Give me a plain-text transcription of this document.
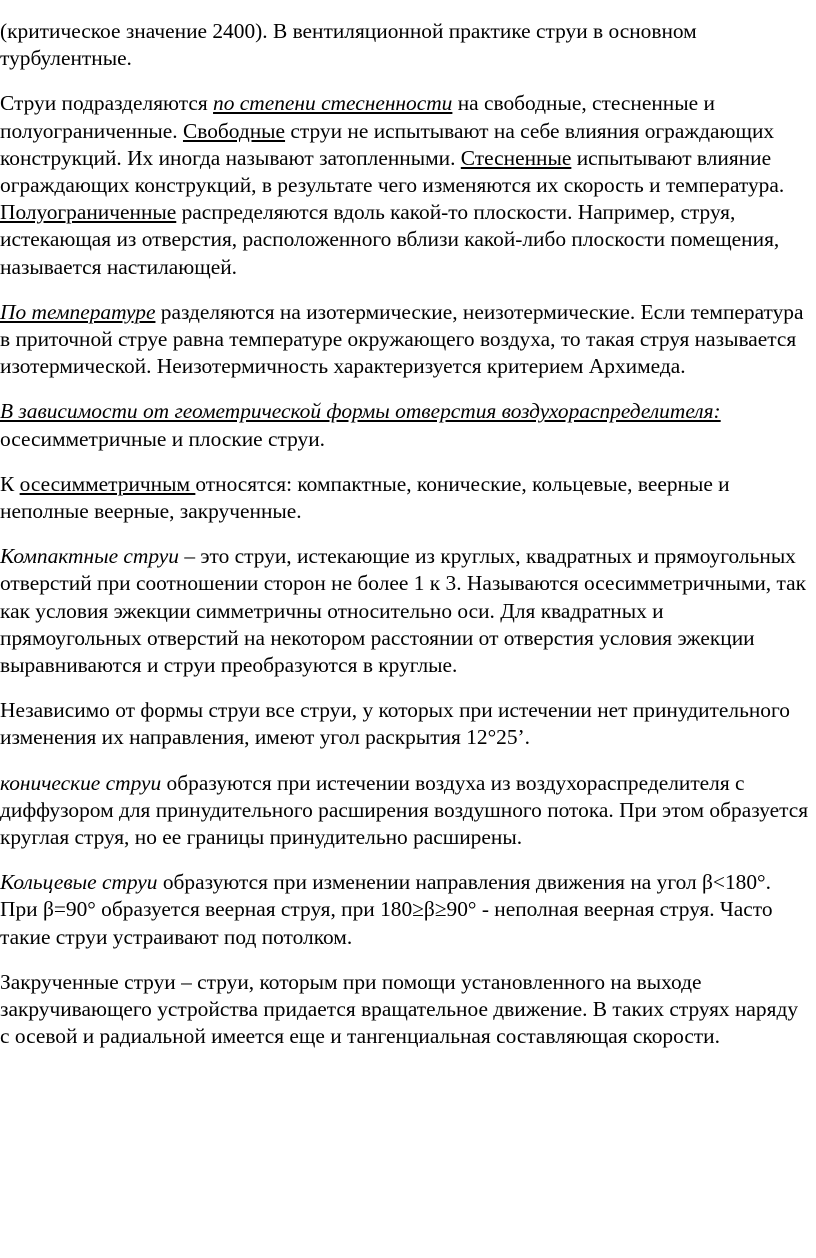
(критическое значение 2400). В вентиляционной практике струи в основном турбулентные.

Струи подразделяются по степени стесненности на свободные, стесненные и полуограниченные. Свободные струи не испытывают на себе влияния ограждающих конструкций. Их иногда называют затопленными. Стесненные испытывают влияние ограждающих конструкций, в результате чего изменяются их скорость и температура. Полуограниченные распределяются вдоль какой-то плоскости. Например, струя, истекающая из отверстия, расположенного вблизи какой-либо плоскости помещения, называется настилающей.

По температуре разделяются на изотермические, неизотермические. Если температура в приточной струе равна температуре окружающего воздуха, то такая струя называется изотермической. Неизотермичность характеризуется критерием Архимеда.

В зависимости от геометрической формы отверстия воздухораспределителя: осесимметричные и плоские струи.

К осесимметричным относятся: компактные, конические, кольцевые, веерные и неполные веерные, закрученные.

Компактные струи – это струи, истекающие из круглых, квадратных и прямоугольных отверстий при соотношении сторон не более 1 к 3. Называются осесимметричными, так как условия эжекции симметричны относительно оси. Для квадратных и прямоугольных отверстий на некотором расстоянии от отверстия условия эжекции выравниваются и струи преобразуются в круглые.

Независимо от формы струи все струи, у которых при истечении нет принудительного изменения их направления, имеют угол раскрытия 12°25’.

конические струи образуются при истечении воздуха из воздухораспределителя с диффузором для принудительного расширения воздушного потока. При этом образуется круглая струя, но ее границы принудительно расширены.

Кольцевые струи образуются при изменении направления движения на угол β<180°. При β=90° образуется веерная струя, при 180≥β≥90° - неполная веерная струя. Часто такие струи устраивают под потолком.

Закрученные струи – струи, которым при помощи установленного на выходе закручивающего устройства придается вращательное движение. В таких струях наряду с осевой и радиальной имеется еще и тангенциальная составляющая скорости.
